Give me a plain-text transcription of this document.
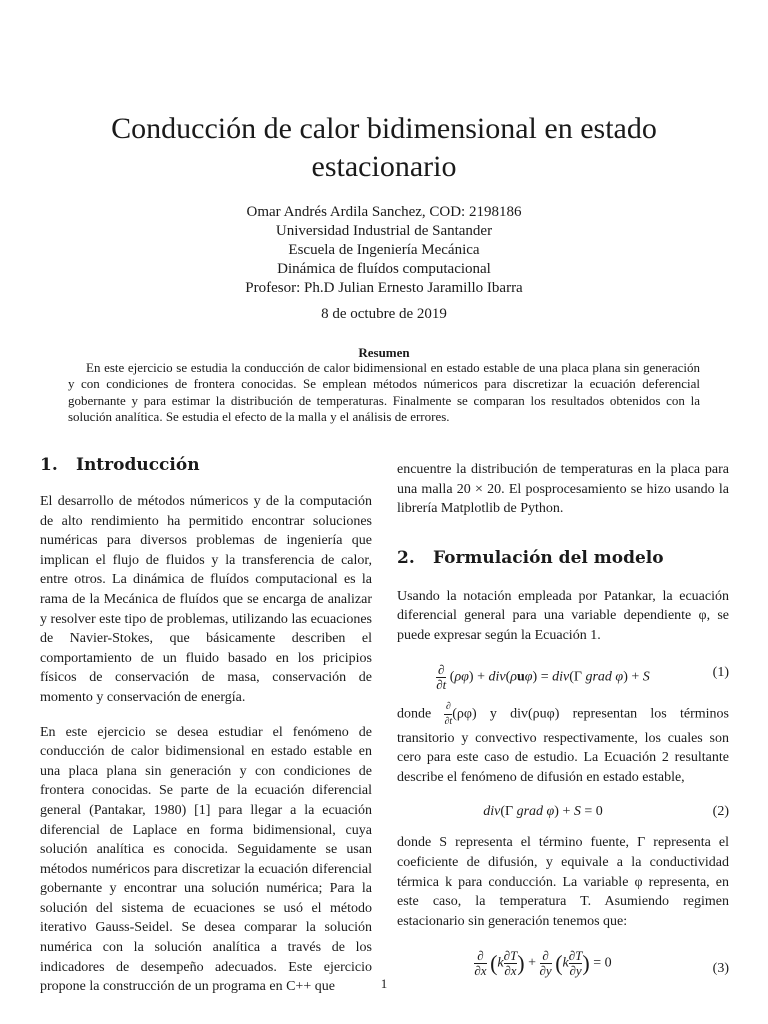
Conducción de calor bidimensional en estado estacionario
Omar Andrés Ardila Sanchez, COD: 2198186
Universidad Industrial de Santander
Escuela de Ingeniería Mecánica
Dinámica de fluídos computacional
Profesor: Ph.D Julian Ernesto Jaramillo Ibarra
8 de octubre de 2019
Resumen

En este ejercicio se estudia la conducción de calor bidimensional en estado estable de una placa plana sin generación y con condiciones de frontera conocidas. Se emplean métodos númericos para discretizar la ecuación deferencial gobernante y para estimar la distribución de temperaturas. Finalmente se comparan los resultados obtenidos con la solución analítica. Se estudia el efecto de la malla y el análisis de errores.

1. Introducción

El desarrollo de métodos númericos y de la computación de alto rendimiento ha permitido encontrar soluciones numéricas para diversos problemas de ingeniería que implican el flujo de fluidos y la transferencia de calor, entre otros. La dinámica de fluídos computacional es la rama de la Mecánica de fluídos que se encarga de analizar y resolver este tipo de problemas, utilizando las ecuaciones de Navier-Stokes, que básicamente describen el comportamiento de un fluido basado en los pricipios físicos de conservación de masa, conservación de momento y conservación de energía.

En este ejercicio se desea estudiar el fenómeno de conducción de calor bidimensional en estado estable en una placa plana sin generación y con condiciones de frontera conocidas. Se parte de la ecuación diferencial general (Pantakar, 1980) [1] para llegar a la ecuación diferencial de Laplace en forma bidimensional, cuya solución analítica es conocida. Seguidamente se usan métodos numéricos para discretizar la ecuación diferencial gobernante y encontrar una solución numérica; Para la solución del sistema de ecuaciones se usó el método iterativo Gauss-Seidel. Se desea comparar la solución numérica con la solución analítica a través de los indicadores de desempeño adecuados. Este ejercicio propone la construcción de un programa en C++ que

encuentre la distribución de temperaturas en la placa para una malla 20 × 20. El posprocesamiento se hizo usando la librería Matplotlib de Python.

2. Formulación del modelo

Usando la notación empleada por Patankar, la ecuación diferencial general para una variable dependiente φ, se puede expresar según la Ecuación 1.

$\frac{\partial}{\partial t} (\rho\varphi) + div(\rho u\varphi) = div(\Gamma$ grad φ) + S	(1)

donde $\frac{\partial}{\partial t} (\rho\varphi)$ y div(ρuφ) representan los términos transitorio y convectivo respectivamente, los cuales son cero para este caso de estudio. La Ecuación 2 resultante describe el fenómeno de difusión en estado estable,

div(Γ grad φ) + S = 0	(2)

donde S representa el término fuente, Γ representa el coeficiente de difusión, y equivale a la conductividad térmica k para conducción. La variable φ representa, en este caso, la temperatura T. Asumiendo regimen estacionario sin generación tenemos que:

$\frac{\partial}{\partial x} (k \frac{\partial T}{\partial x}$ ) + $\frac{\partial}{\partial y} (k \frac{\partial T}{\partial y}$ ) = 0	(3)
1
